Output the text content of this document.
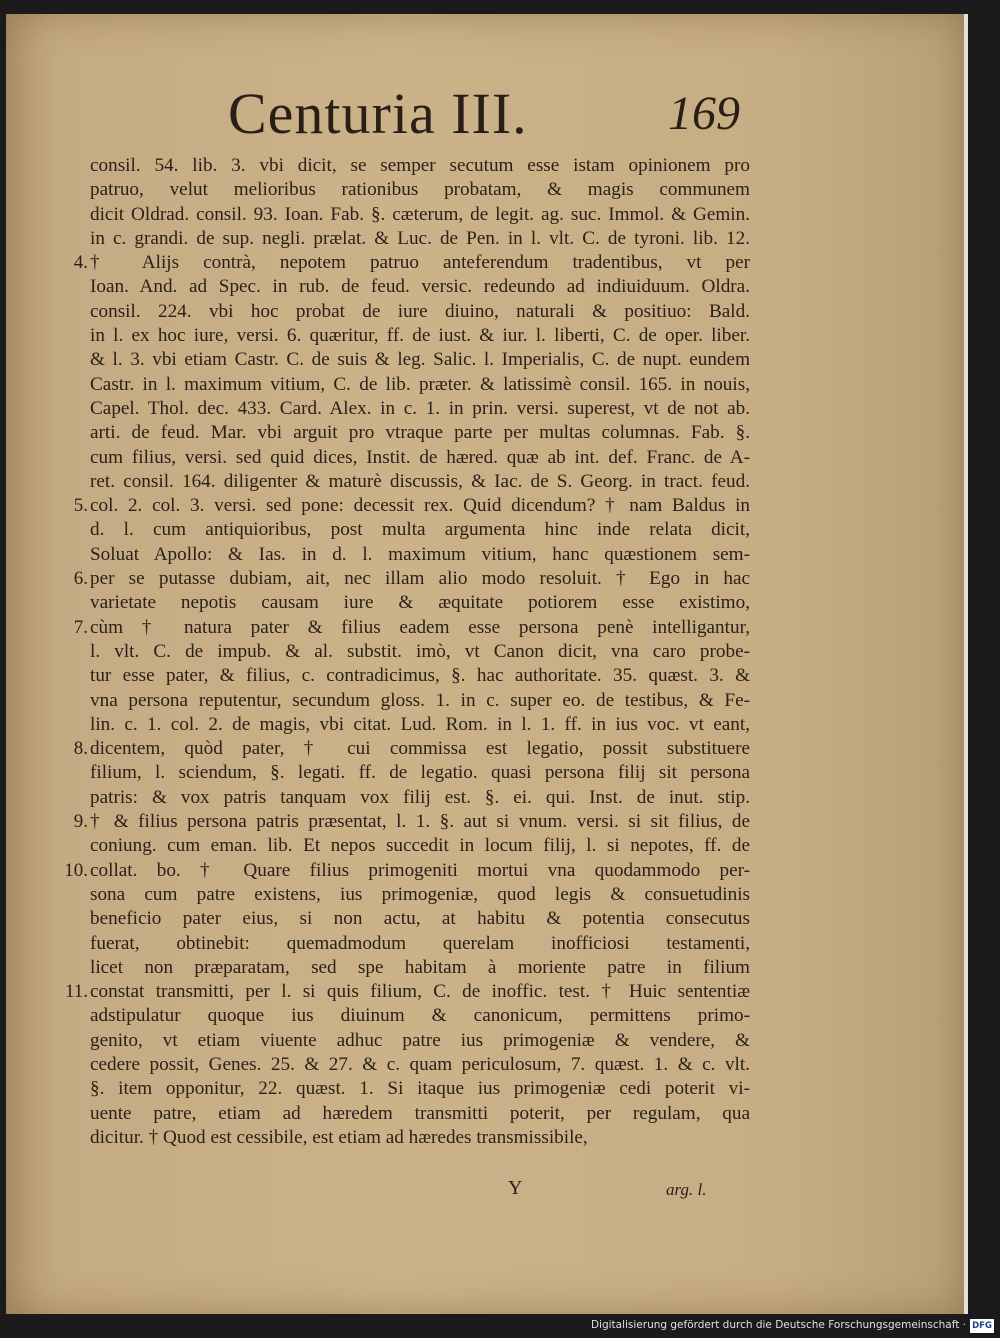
Centuria III.	169
consil. 54. lib. 3. vbi dicit, se semper secutum esse istam opinionem pro
patruo, velut melioribus rationibus probatam, & magis communem
dicit Oldrad. consil. 93. Ioan. Fab. §. cæterum, de legit. ag. suc. Immol. & Gemin.
in c. grandi. de sup. negli. prælat. & Luc. de Pen. in l. vlt. C. de tyroni. lib. 12.
4. † Alijs contrà, nepotem patruo anteferendum tradentibus, vt per
Ioan. And. ad Spec. in rub. de feud. versic. redeundo ad indiuiduum. Oldra.
consil. 224. vbi hoc probat de iure diuino, naturali & positiuo: Bald.
in l. ex hoc iure, versi. 6. quæritur, ff. de iust. & iur. l. liberti, C. de oper. liber.
& l. 3. vbi etiam Castr. C. de suis & leg. Salic. l. Imperialis, C. de nupt. eundem
Castr. in l. maximum vitium, C. de lib. præter. & latissimè consil. 165. in nouis,
Capel. Thol. dec. 433. Card. Alex. in c. 1. in prin. versi. superest, vt de not ab.
arti. de feud. Mar. vbi arguit pro vtraque parte per multas columnas. Fab. §.
cum filius, versi. sed quid dices, Instit. de hæred. quæ ab int. def. Franc. de A-
ret. consil. 164. diligenter & maturè discussis, & Iac. de S. Georg. in tract. feud.
5. col. 2. col. 3. versi. sed pone: decessit rex. Quid dicendum? † nam Baldus in
d. l. cum antiquioribus, post multa argumenta hinc inde relata dicit,
Soluat Apollo: & Ias. in d. l. maximum vitium, hanc quæstionem sem-
6. per se putasse dubiam, ait, nec illam alio modo resoluit. † Ego in hac
varietate nepotis causam iure & æquitate potiorem esse existimo,
7. cùm † natura pater & filius eadem esse persona penè intelligantur,
l. vlt. C. de impub. & al. substit. imò, vt Canon dicit, vna caro probe-
tur esse pater, & filius, c. contradicimus, §. hac authoritate. 35. quæst. 3. &
vna persona reputentur, secundum gloss. 1. in c. super eo. de testibus, & Fe-
lin. c. 1. col. 2. de magis, vbi citat. Lud. Rom. in l. 1. ff. in ius voc. vt eant,
8. dicentem, quòd pater, † cui commissa est legatio, possit substituere
filium, l. sciendum, §. legati. ff. de legatio. quasi persona filij sit persona
patris: & vox patris tanquam vox filij est. §. ei. qui. Inst. de inut. stip.
9. † & filius persona patris præsentat, l. 1. §. aut si vnum. versi. si sit filius, de
coniung. cum eman. lib. Et nepos succedit in locum filij, l. si nepotes, ff. de
10. collat. bo. † Quare filius primogeniti mortui vna quodammodo per-
sona cum patre existens, ius primogeniæ, quod legis & consuetudinis
beneficio pater eius, si non actu, at habitu & potentia consecutus
fuerat, obtinebit: quemadmodum querelam inofficiosi testamenti,
licet non præparatam, sed spe habitam à moriente patre in filium
11. constat transmitti, per l. si quis filium, C. de inoffic. test. † Huic sententiæ
adstipulatur quoque ius diuinum & canonicum, permittens primo-
genito, vt etiam viuente adhuc patre ius primogeniæ & vendere, &
cedere possit, Genes. 25. & 27. & c. quam periculosum, 7. quæst. 1. & c. vlt.
§. item opponitur, 22. quæst. 1. Si itaque ius primogeniæ cedi poterit vi-
uente patre, etiam ad hæredem transmitti poterit, per regulam, qua
dicitur. † Quod est cessibile, est etiam ad hæredes transmissibile,
Y	arg. l.
Digitalisierung gefördert durch die Deutsche Forschungsgemeinschaft · DFG
